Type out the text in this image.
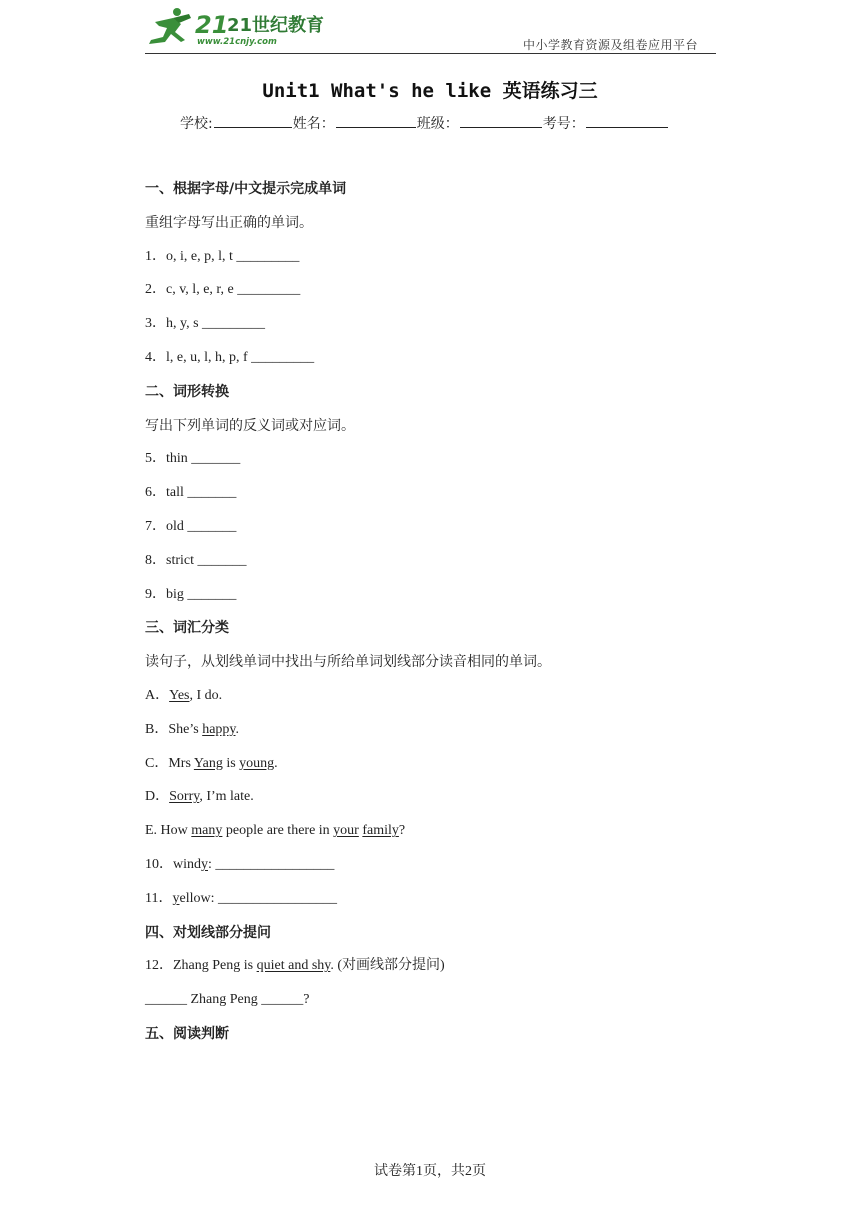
21
21世纪教育
www.21cnjy.com	中小学教育资源及组卷应用平台
Unit1 What's he like 英语练习三
学校:	姓名：	班级：	考号：
一、根据字母/中文提示完成单词
重组字母写出正确的单词。
1．o, i, e, p, l, t _________
2．c, v, l, e, r, e _________
3．h, y, s _________
4．l, e, u, l, h, p, f _________
二、词形转换
写出下列单词的反义词或对应词。
5．thin _______
6．tall _______
7．old _______
8．strict _______
9．big _______
三、词汇分类
读句子，从划线单词中找出与所给单词划线部分读音相同的单词。
A．Yes, I do.
B．She’s happy.
C．Mrs Yang is young.
D．Sorry, I’m late.
E. How many people are there in your family?
10．windy: _________________
11．yellow: _________________
四、对划线部分提问
12．Zhang Peng is quiet and shy. (对画线部分提问)
______ Zhang Peng ______?
五、阅读判断
试卷第1页，共2页
